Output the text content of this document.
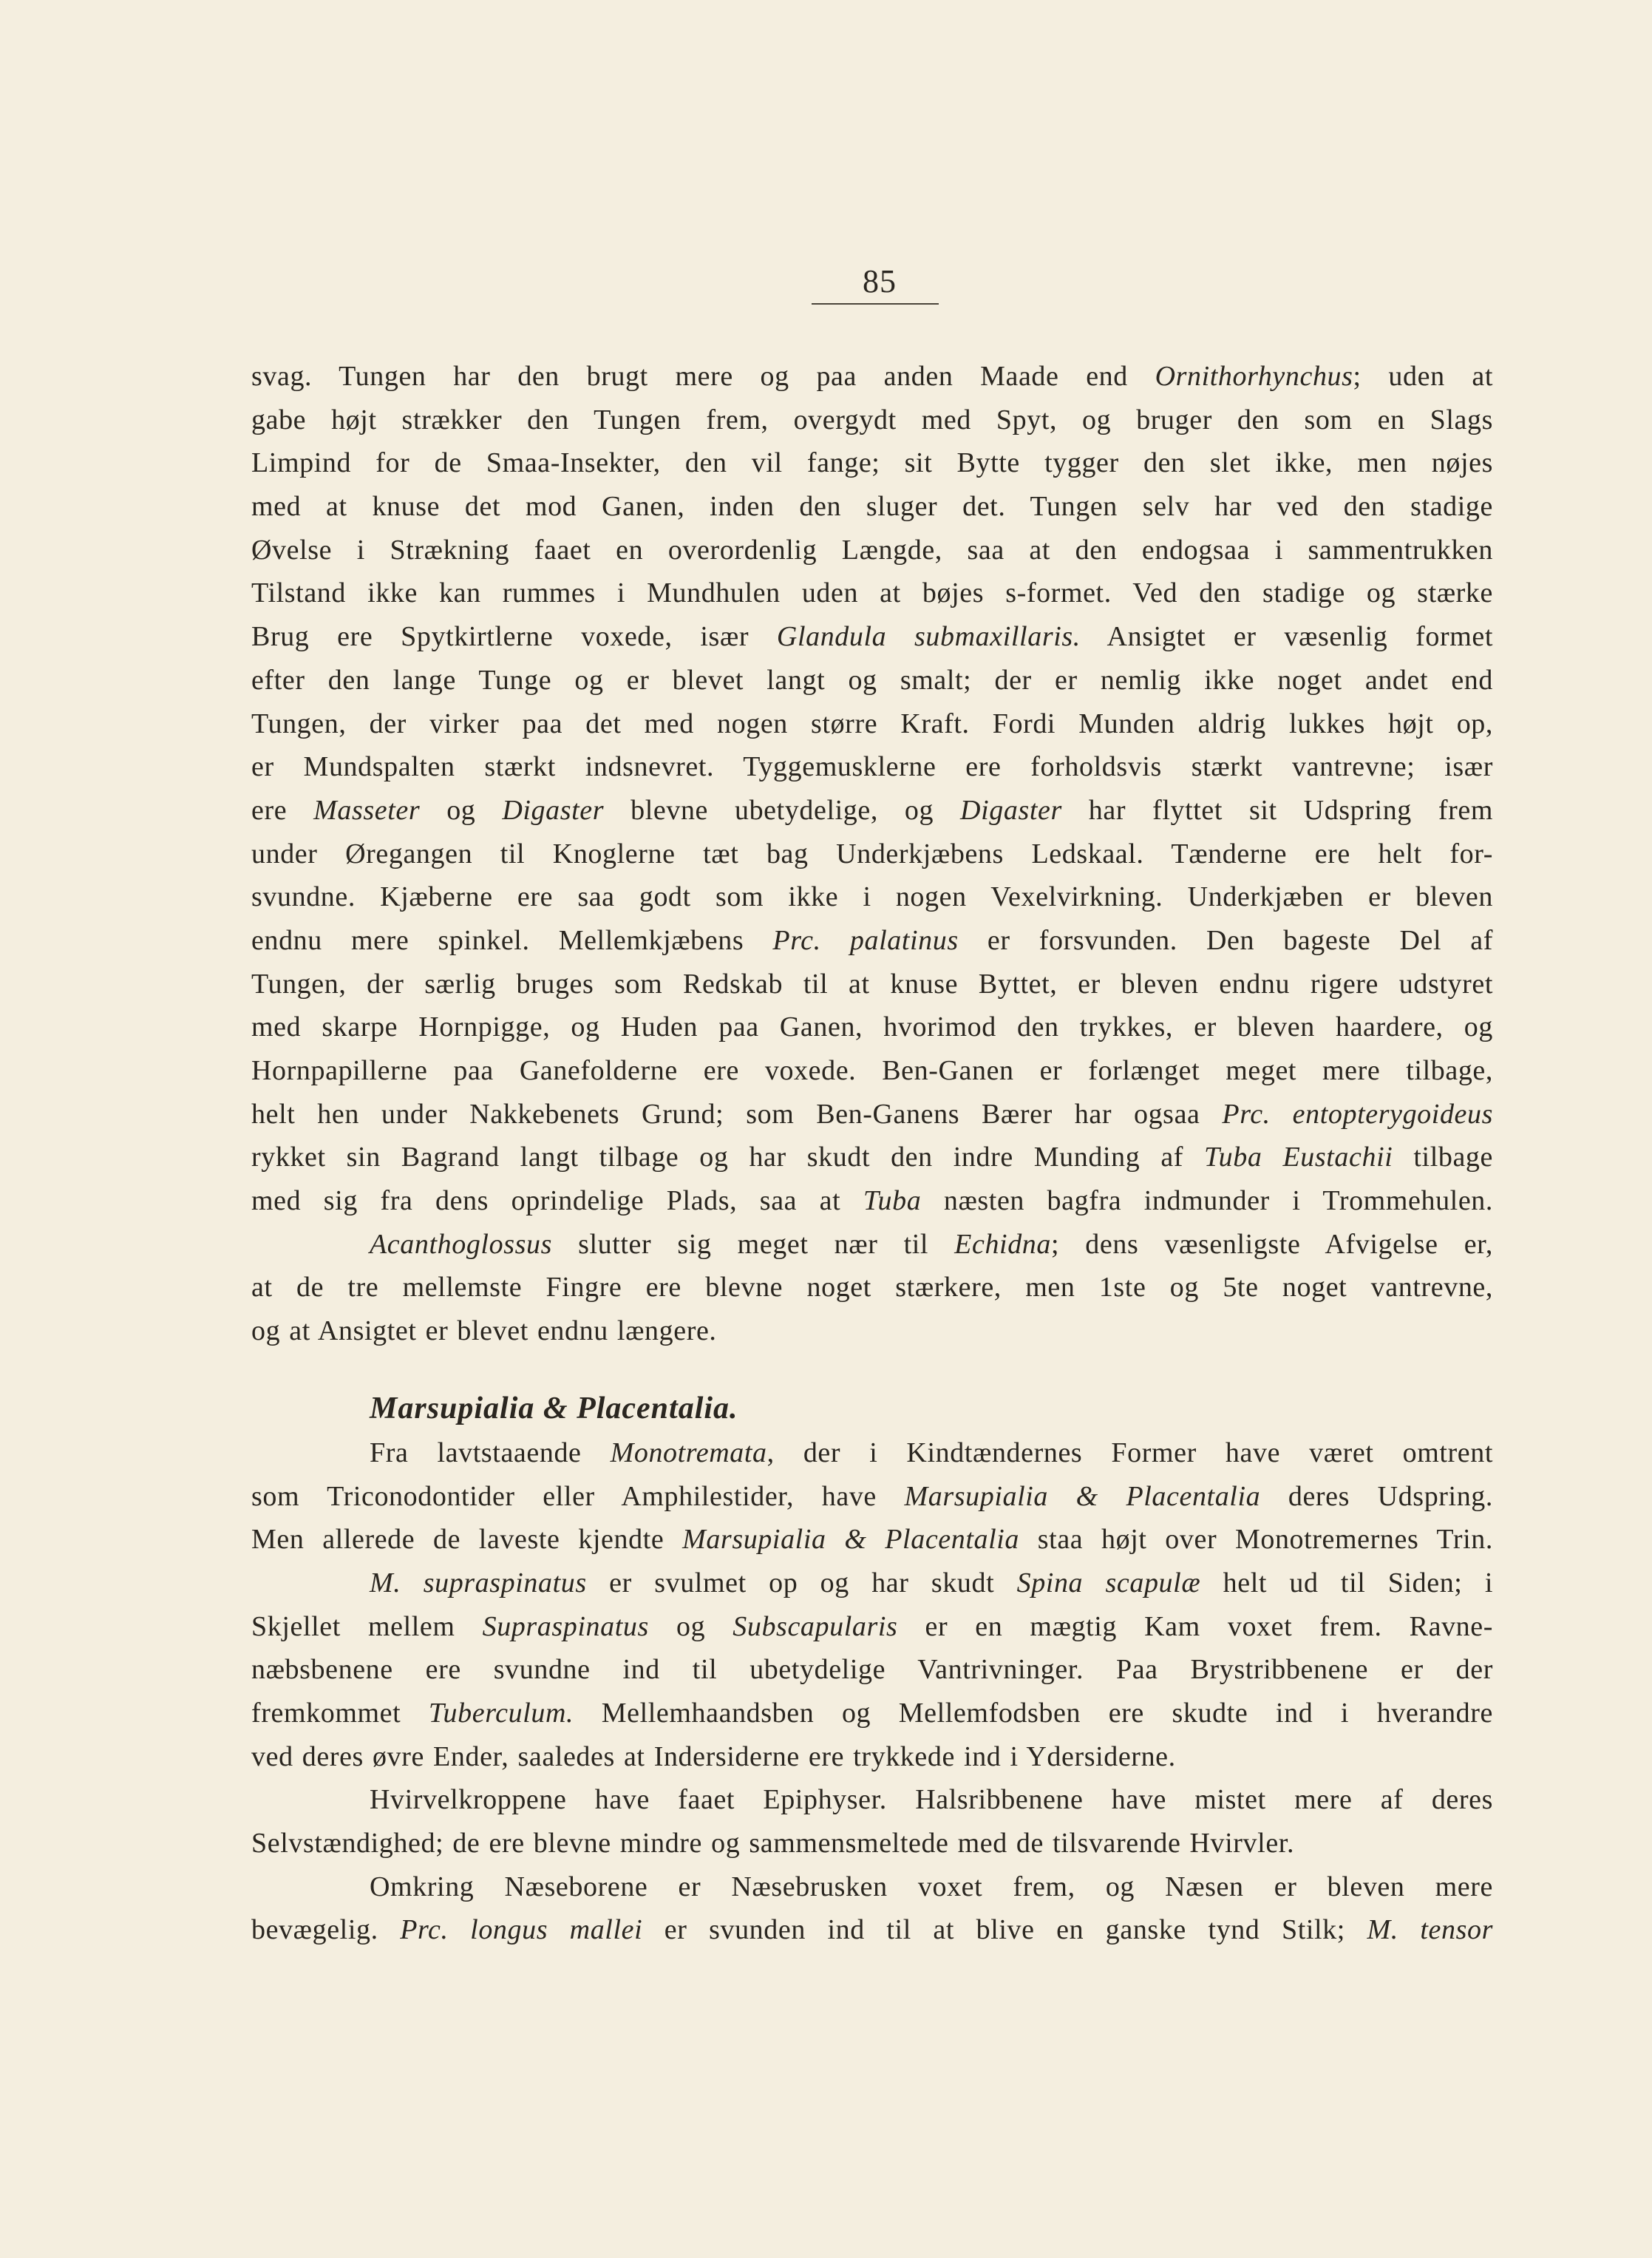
85
svag. Tungen har den brugt mere og paa anden Maade end Ornithorhynchus; uden at
gabe højt strækker den Tungen frem, overgydt med Spyt, og bruger den som en Slags
Limpind for de Smaa-Insekter, den vil fange; sit Bytte tygger den slet ikke, men nøjes
med at knuse det mod Ganen, inden den sluger det. Tungen selv har ved den stadige
Øvelse i Strækning faaet en overordenlig Længde, saa at den endogsaa i sammentrukken
Tilstand ikke kan rummes i Mundhulen uden at bøjes s-formet. Ved den stadige og stærke
Brug ere Spytkirtlerne voxede, især Glandula submaxillaris. Ansigtet er væsenlig formet
efter den lange Tunge og er blevet langt og smalt; der er nemlig ikke noget andet end
Tungen, der virker paa det med nogen større Kraft. Fordi Munden aldrig lukkes højt op,
er Mundspalten stærkt indsnevret. Tyggemusklerne ere forholdsvis stærkt vantrevne; især
ere Masseter og Digaster blevne ubetydelige, og Digaster har flyttet sit Udspring frem
under Øregangen til Knoglerne tæt bag Underkjæbens Ledskaal. Tænderne ere helt for-
svundne. Kjæberne ere saa godt som ikke i nogen Vexelvirkning. Underkjæben er bleven
endnu mere spinkel. Mellemkjæbens Prc. palatinus er forsvunden. Den bageste Del af
Tungen, der særlig bruges som Redskab til at knuse Byttet, er bleven endnu rigere udstyret
med skarpe Hornpigge, og Huden paa Ganen, hvorimod den trykkes, er bleven haardere, og
Hornpapillerne paa Ganefolderne ere voxede. Ben-Ganen er forlænget meget mere tilbage,
helt hen under Nakkebenets Grund; som Ben-Ganens Bærer har ogsaa Prc. entopterygoideus
rykket sin Bagrand langt tilbage og har skudt den indre Munding af Tuba Eustachii tilbage
med sig fra dens oprindelige Plads, saa at Tuba næsten bagfra indmunder i Trommehulen.
Acanthoglossus slutter sig meget nær til Echidna; dens væsenligste Afvigelse er,
at de tre mellemste Fingre ere blevne noget stærkere, men 1ste og 5te noget vantrevne,
og at Ansigtet er blevet endnu længere.
Marsupialia & Placentalia.
Fra lavtstaaende Monotremata, der i Kindtændernes Former have været omtrent
som Triconodontider eller Amphilestider, have Marsupialia & Placentalia deres Udspring.
Men allerede de laveste kjendte Marsupialia & Placentalia staa højt over Monotremernes Trin.
M. supraspinatus er svulmet op og har skudt Spina scapulæ helt ud til Siden; i
Skjellet mellem Supraspinatus og Subscapularis er en mægtig Kam voxet frem. Ravne-
næbsbenene ere svundne ind til ubetydelige Vantrivninger. Paa Brystribbenene er der
fremkommet Tuberculum. Mellemhaandsben og Mellemfodsben ere skudte ind i hverandre
ved deres øvre Ender, saaledes at Indersiderne ere trykkede ind i Ydersiderne.
Hvirvelkroppene have faaet Epiphyser. Halsribbenene have mistet mere af deres
Selvstændighed; de ere blevne mindre og sammensmeltede med de tilsvarende Hvirvler.
Omkring Næseborene er Næsebrusken voxet frem, og Næsen er bleven mere
bevægelig. Prc. longus mallei er svunden ind til at blive en ganske tynd Stilk; M. tensor
